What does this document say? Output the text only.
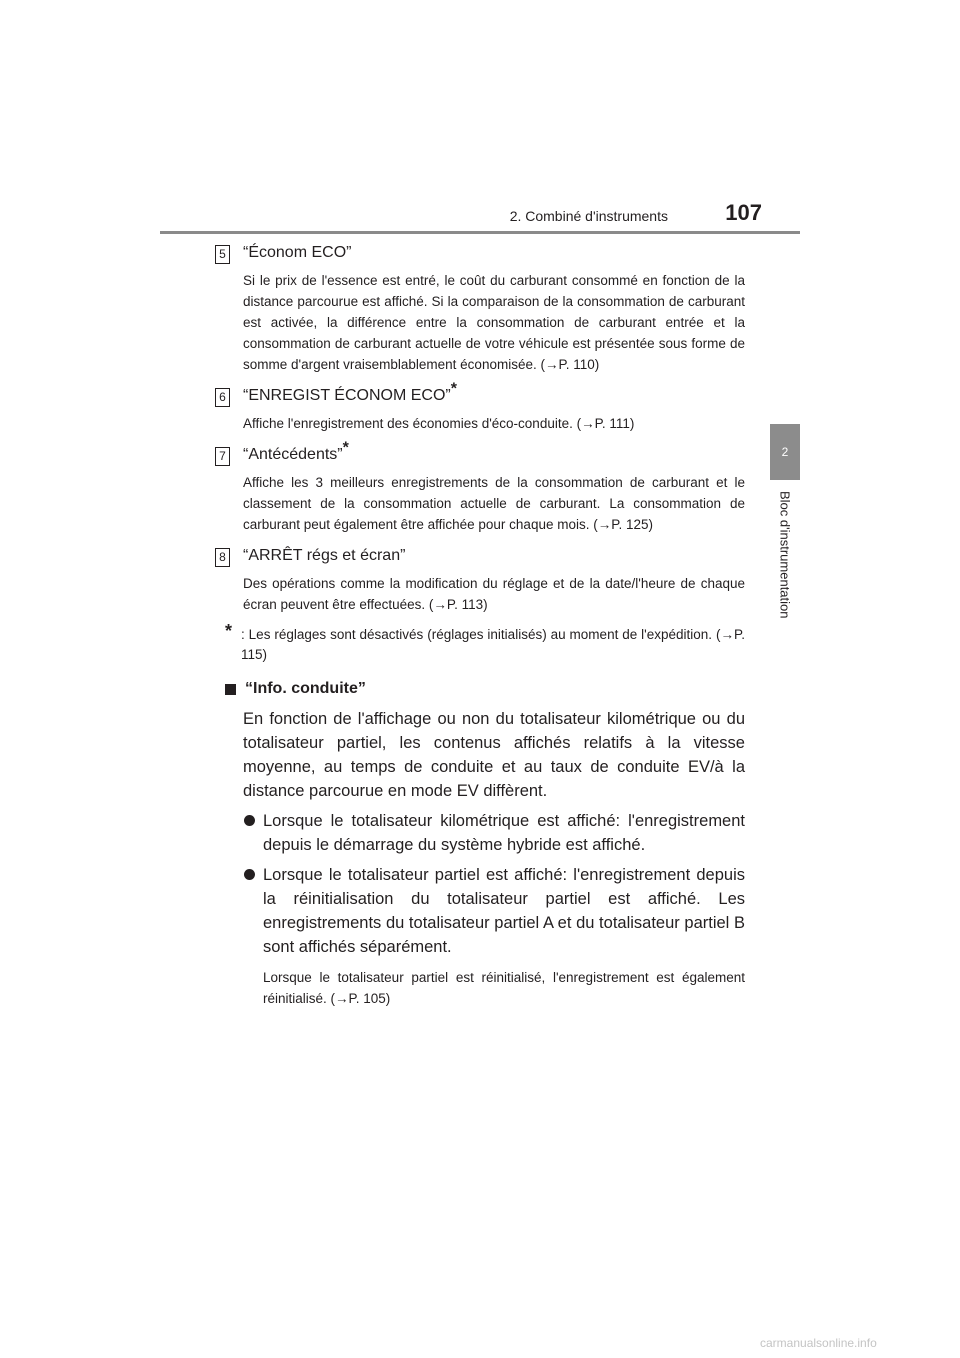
2. Combiné d'instruments	107
2
Bloc d'instrumentation
5 “Économ ECO”
Si le prix de l'essence est entré, le coût du carburant consommé en fonction de la distance parcourue est affiché. Si la comparaison de la consommation de carburant est activée, la différence entre la consommation de carburant entrée et la consommation de carburant actuelle de votre véhicule est présentée sous forme de somme d'argent vraisemblablement économisée. (→P. 110)
6 “ENREGIST ÉCONOM ECO”*
Affiche l'enregistrement des économies d'éco-conduite. (→P. 111)
7 “Antécédents”*
Affiche les 3 meilleurs enregistrements de la consommation de carburant et le classement de la consommation actuelle de carburant. La consommation de carburant peut également être affichée pour chaque mois. (→P. 125)
8 “ARRÊT régs et écran”
Des opérations comme la modification du réglage et de la date/l'heure de chaque écran peuvent être effectuées. (→P. 113)
* : Les réglages sont désactivés (réglages initialisés) au moment de l'expédition. (→P. 115)
“Info. conduite”
En fonction de l'affichage ou non du totalisateur kilométrique ou du totalisateur partiel, les contenus affichés relatifs à la vitesse moyenne, au temps de conduite et au taux de conduite EV/à la distance parcourue en mode EV diffèrent.
Lorsque le totalisateur kilométrique est affiché: l'enregistrement depuis le démarrage du système hybride est affiché.
Lorsque le totalisateur partiel est affiché: l'enregistrement depuis la réinitialisation du totalisateur partiel est affiché. Les enregistrements du totalisateur partiel A et du totalisateur partiel B sont affichés séparément.
Lorsque le totalisateur partiel est réinitialisé, l'enregistrement est également réinitialisé. (→P. 105)
carmanualsonline.info
